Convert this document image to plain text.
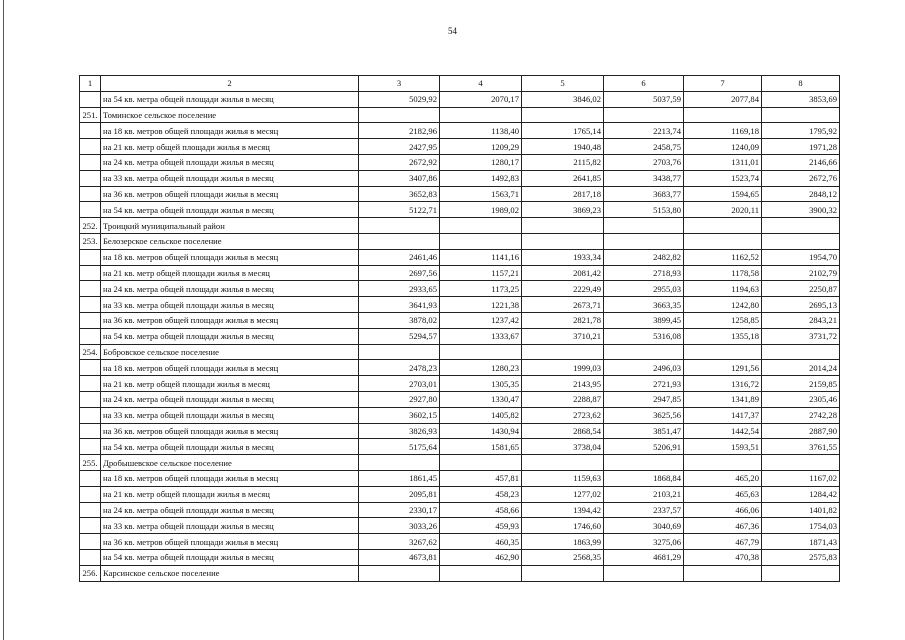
54
1	2	3	4	5	6	7	8
	на 54 кв. метра общей площади жилья в месяц	5029,92	2070,17	3846,02	5037,59	2077,84	3853,69
251.	Томинское сельское поселение						
	на 18 кв. метров общей площади жилья в месяц	2182,96	1138,40	1765,14	2213,74	1169,18	1795,92
	на 21 кв. метр общей площади жилья в месяц	2427,95	1209,29	1940,48	2458,75	1240,09	1971,28
	на 24 кв. метра общей площади жилья в месяц	2672,92	1280,17	2115,82	2703,76	1311,01	2146,66
	на 33 кв. метра общей площади жилья в месяц	3407,86	1492,83	2641,85	3438,77	1523,74	2672,76
	на 36 кв. метров общей площади жилья в месяц	3652,83	1563,71	2817,18	3683,77	1594,65	2848,12
	на 54 кв. метра общей площади жилья в месяц	5122,71	1989,02	3869,23	5153,80	2020,11	3900,32
252.	Троицкий муниципальный район						
253.	Белозерское сельское поселение						
	на 18 кв. метров общей площади жилья в месяц	2461,46	1141,16	1933,34	2482,82	1162,52	1954,70
	на 21 кв. метр общей площади жилья в месяц	2697,56	1157,21	2081,42	2718,93	1178,58	2102,79
	на 24 кв. метра общей площади жилья в месяц	2933,65	1173,25	2229,49	2955,03	1194,63	2250,87
	на 33 кв. метра общей площади жилья в месяц	3641,93	1221,38	2673,71	3663,35	1242,80	2695,13
	на 36 кв. метров общей площади жилья в месяц	3878,02	1237,42	2821,78	3899,45	1258,85	2843,21
	на 54 кв. метра общей площади жилья в месяц	5294,57	1333,67	3710,21	5316,08	1355,18	3731,72
254.	Бобровское сельское поселение						
	на 18 кв. метров общей площади жилья в месяц	2478,23	1280,23	1999,03	2496,03	1291,56	2014,24
	на 21 кв. метр общей площади жилья в месяц	2703,01	1305,35	2143,95	2721,93	1316,72	2159,85
	на 24 кв. метра общей площади жилья в месяц	2927,80	1330,47	2288,87	2947,85	1341,89	2305,46
	на 33 кв. метра общей площади жилья в месяц	3602,15	1405,82	2723,62	3625,56	1417,37	2742,28
	на 36 кв. метров общей площади жилья в месяц	3826,93	1430,94	2868,54	3851,47	1442,54	2887,90
	на 54 кв. метра общей площади жилья в месяц	5175,64	1581,65	3738,04	5206,91	1593,51	3761,55
255.	Дробышевское сельское поселение						
	на 18 кв. метров общей площади жилья в месяц	1861,45	457,81	1159,63	1868,84	465,20	1167,02
	на 21 кв. метр общей площади жилья в месяц	2095,81	458,23	1277,02	2103,21	465,63	1284,42
	на 24 кв. метра общей площади жилья в месяц	2330,17	458,66	1394,42	2337,57	466,06	1401,82
	на 33 кв. метра общей площади жилья в месяц	3033,26	459,93	1746,60	3040,69	467,36	1754,03
	на 36 кв. метров общей площади жилья в месяц	3267,62	460,35	1863,99	3275,06	467,79	1871,43
	на 54 кв. метра общей площади жилья в месяц	4673,81	462,90	2568,35	4681,29	470,38	2575,83
256.	Карсинское сельское поселение						
